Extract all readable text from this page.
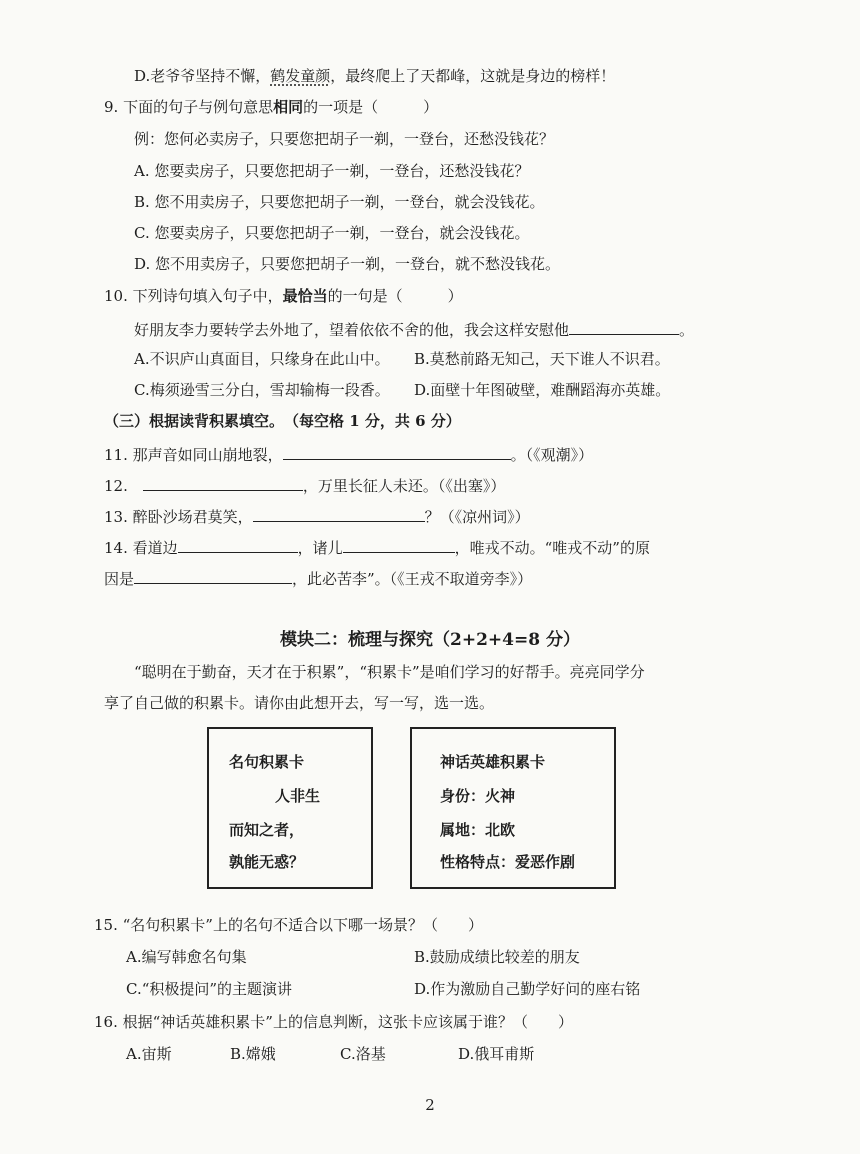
D.老爷爷坚持不懈，鹤发童颜，最终爬上了天都峰，这就是身边的榜样！
9. 下面的句子与例句意思相同的一项是（　　　）
例：您何必卖房子，只要您把胡子一剃，一登台，还愁没钱花？
A. 您要卖房子，只要您把胡子一剃，一登台，还愁没钱花？
B. 您不用卖房子，只要您把胡子一剃，一登台，就会没钱花。
C. 您要卖房子，只要您把胡子一剃，一登台，就会没钱花。
D. 您不用卖房子，只要您把胡子一剃，一登台，就不愁没钱花。
10. 下列诗句填入句子中，最恰当的一句是（　　　）
好朋友李力要转学去外地了，望着依依不舍的他，我会这样安慰他	。
A.不识庐山真面目，只缘身在此山中。 B.莫愁前路无知己，天下谁人不识君。
C.梅须逊雪三分白，雪却输梅一段香。 D.面壁十年图破壁，难酬蹈海亦英雄。
（三）根据读背积累填空。　 （每空格 1 分，共 6 分）
11. 那声音如同山崩地裂，	。（《观潮》）
12.　	，万里长征人未还。（《出塞》）
13. 醉卧沙场君莫笑，	？（《凉州词》）
14. 看道边	，诸儿	，唯戎不动。“唯戎不动”的原
因是	，此必苦李”。（《王戎不取道旁李》）
模块二：梳理与探究（2+2+4=8 分）
“聪明在于勤奋，天才在于积累”，“积累卡”是咱们学习的好帮手。亮亮同学分
享了自己做的积累卡。请你由此想开去，写一写，选一选。
名句积累卡
人非生
而知之者，
孰能无惑？
神话英雄积累卡
身份：火神
属地：北欧
性格特点：爱恶作剧
15. “名句积累卡”上的名句不适合以下哪一场景？（　　）
A.编写韩愈名句集	B.鼓励成绩比较差的朋友
C.“积极提问”的主题演讲	D.作为激励自己勤学好问的座右铭
16. 根据“神话英雄积累卡”上的信息判断，这张卡应该属于谁？（　　）
A.宙斯	B.嫦娥	C.洛基	D.俄耳甫斯
2
